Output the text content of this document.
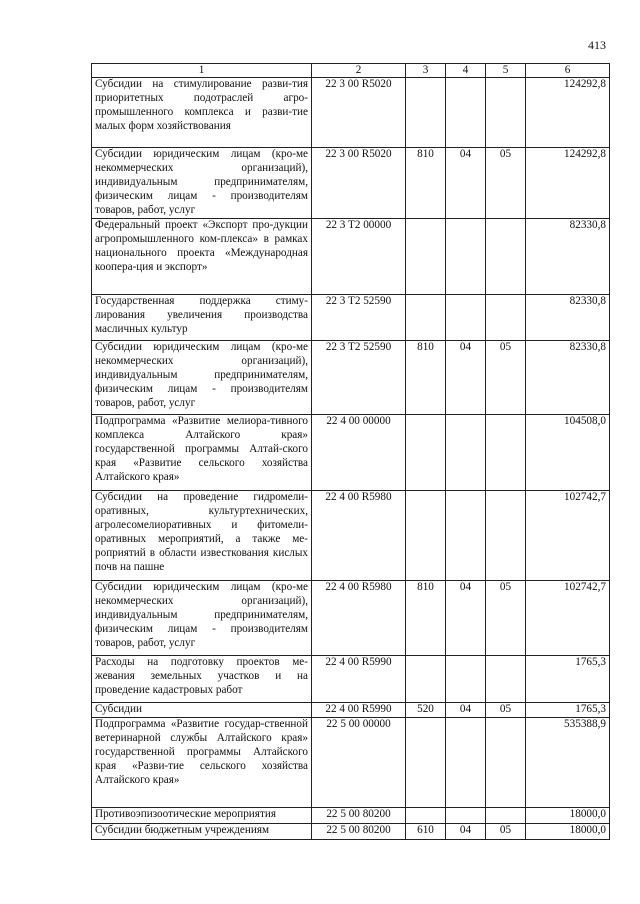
413
1	2	3	4	5	6
Субсидии на стимулирование разви-тия приоритетных подотраслей агро-промышленного комплекса и разви-тие малых форм хозяйствования	22 3 00 R5020				124292,8
Субсидии юридическим лицам (кро-ме некоммерческих организаций), индивидуальным предпринимателям, физическим лицам - производителям товаров, работ, услуг	22 3 00 R5020	810	04	05	124292,8
Федеральный проект «Экспорт про-дукции агропромышленного ком-плекса» в рамках национального проекта «Международная коопера-ция и экспорт»	22 3 T2 00000				82330,8
Государственная поддержка стиму-лирования увеличения производства масличных культур	22 3 T2 52590				82330,8
Субсидии юридическим лицам (кро-ме некоммерческих организаций), индивидуальным предпринимателям, физическим лицам - производителям товаров, работ, услуг	22 3 T2 52590	810	04	05	82330,8
Подпрограмма «Развитие мелиора-тивного комплекса Алтайского края» государственной программы Алтай-ского края «Развитие сельского хозяйства Алтайского края»	22 4 00 00000				104508,0
Субсидии на проведение гидромели-оративных, культуртехнических, агролесомелиоративных и фитомели-оративных мероприятий, а также ме-роприятий в области известкования кислых почв на пашне	22 4 00 R5980				102742,7
Субсидии юридическим лицам (кро-ме некоммерческих организаций), индивидуальным предпринимателям, физическим лицам - производителям товаров, работ, услуг	22 4 00 R5980	810	04	05	102742,7
Расходы на подготовку проектов ме-жевания земельных участков и на проведение кадастровых работ	22 4 00 R5990				1765,3
Субсидии	22 4 00 R5990	520	04	05	1765,3
Подпрограмма «Развитие государ-ственной ветеринарной службы Алтайского края» государственной программы Алтайского края «Разви-тие сельского хозяйства Алтайского края»	22 5 00 00000				535388,9
Противоэпизоотические мероприятия	22 5 00 80200				18000,0
Субсидии бюджетным учреждениям	22 5 00 80200	610	04	05	18000,0
